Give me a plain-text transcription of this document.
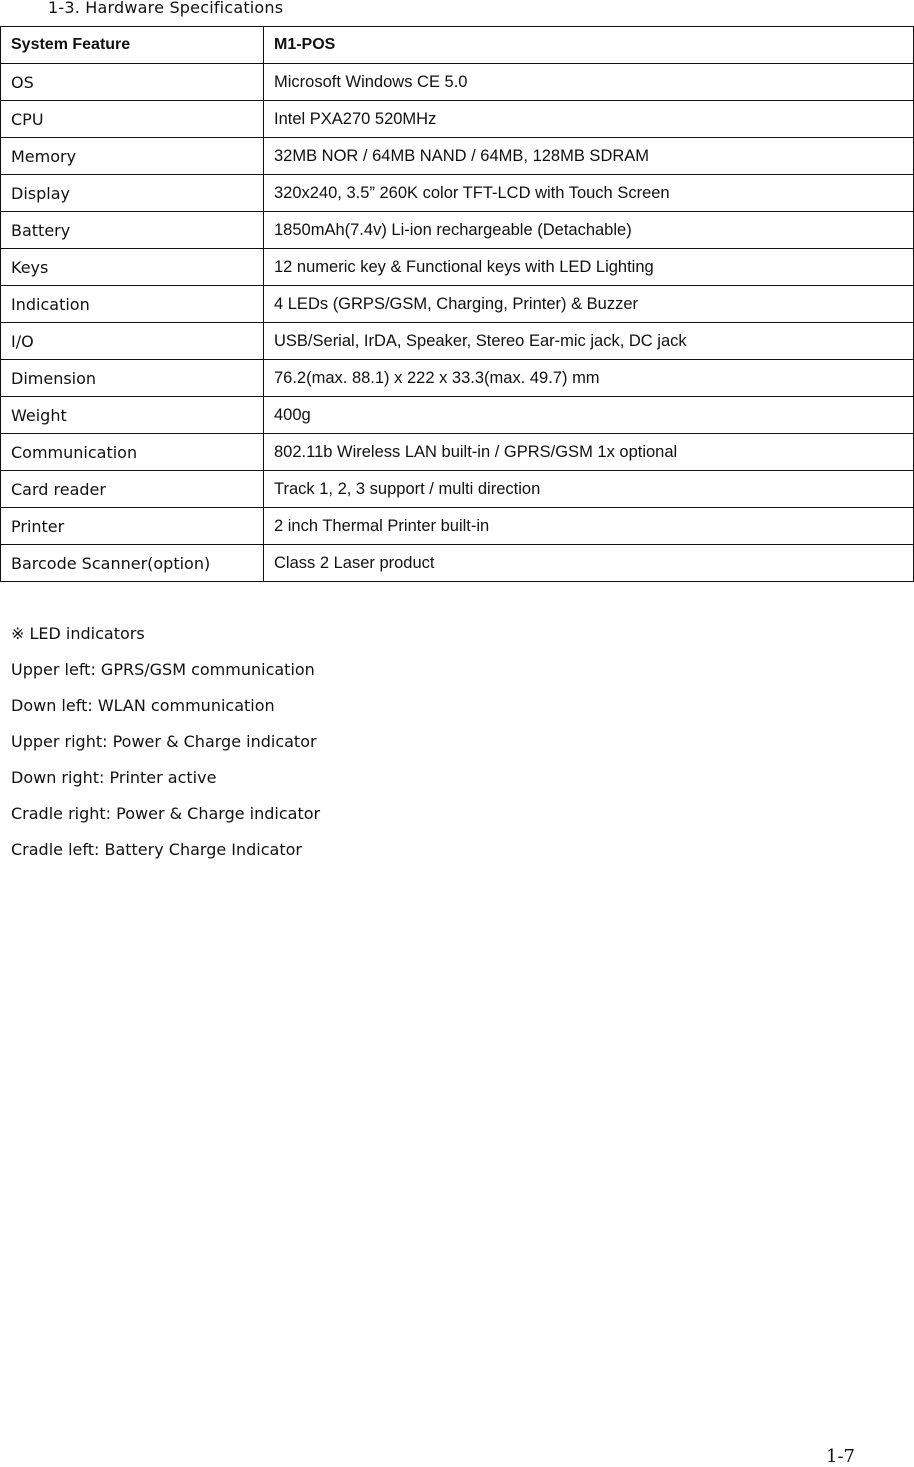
1-3. Hardware Specifications
System Feature	M1-POS
OS	Microsoft Windows CE 5.0
CPU	Intel PXA270 520MHz
Memory	32MB NOR / 64MB NAND / 64MB, 128MB SDRAM
Display	320x240, 3.5” 260K color TFT-LCD with Touch Screen
Battery	1850mAh(7.4v) Li-ion rechargeable (Detachable)
Keys	12 numeric key & Functional keys with LED Lighting
Indication	4 LEDs (GRPS/GSM, Charging, Printer) & Buzzer
I/O	USB/Serial, IrDA, Speaker, Stereo Ear-mic jack, DC jack
Dimension	76.2(max. 88.1) x 222 x 33.3(max. 49.7) mm
Weight	400g
Communication	802.11b Wireless LAN built-in / GPRS/GSM 1x optional
Card reader	Track 1, 2, 3 support / multi direction
Printer	2 inch Thermal Printer built-in
Barcode Scanner(option)	Class 2 Laser product
※ LED indicators
Upper left: GPRS/GSM communication
Down left: WLAN communication
Upper right: Power & Charge indicator
Down right: Printer active
Cradle right: Power & Charge indicator
Cradle left: Battery Charge Indicator
1-7
